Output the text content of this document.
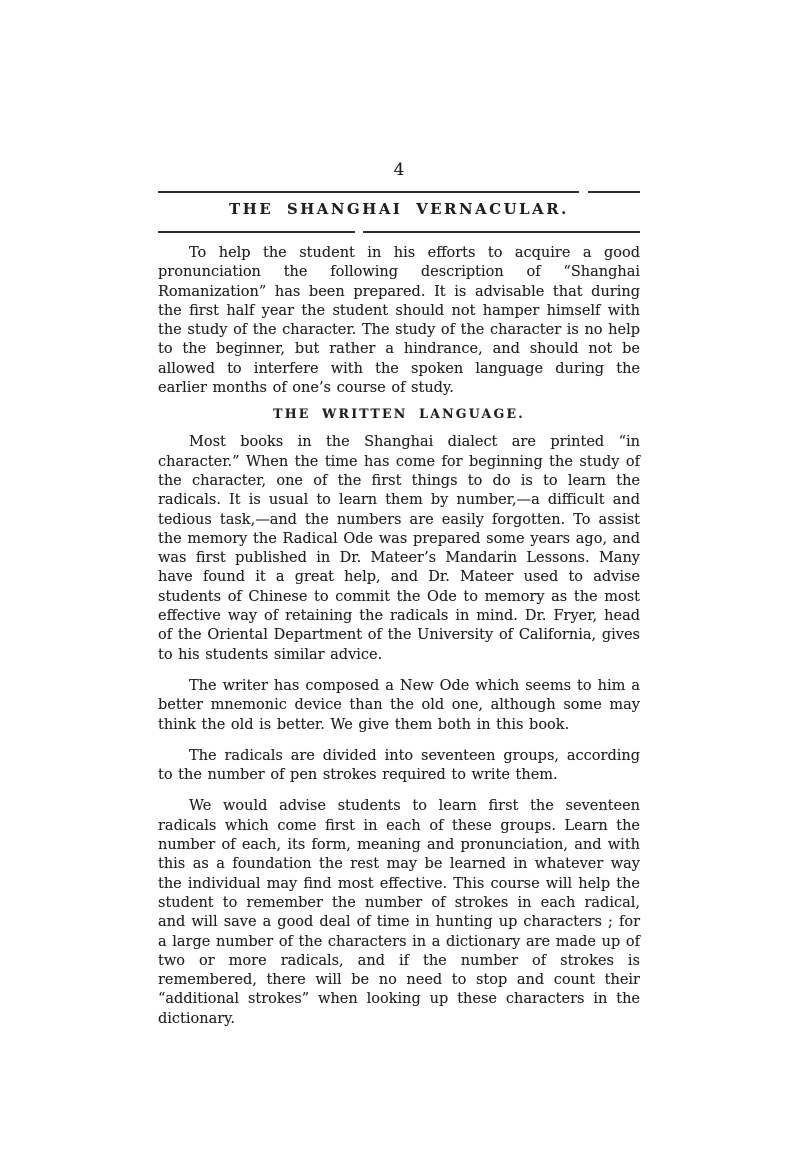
4
THE SHANGHAI VERNACULAR.

To help the student in his efforts to acquire a good pronunciation the following description of “Shanghai Romanization” has been prepared. It is advisable that during the first half year the student should not hamper himself with the study of the character. The study of the character is no help to the beginner, but rather a hindrance, and should not be allowed to interfere with the spoken language during the earlier months of one’s course of study.

THE WRITTEN LANGUAGE.

Most books in the Shanghai dialect are printed “in character.” When the time has come for beginning the study of the character, one of the first things to do is to learn the radicals. It is usual to learn them by number,—a difficult and tedious task,—and the numbers are easily forgotten. To assist the memory the Radical Ode was prepared some years ago, and was first published in Dr. Mateer’s Mandarin Lessons. Many have found it a great help, and Dr. Mateer used to advise students of Chinese to commit the Ode to memory as the most effective way of retaining the radicals in mind. Dr. Fryer, head of the Oriental Department of the University of California, gives to his students similar advice.

The writer has composed a New Ode which seems to him a better mnemonic device than the old one, although some may think the old is better. We give them both in this book.

The radicals are divided into seventeen groups, according to the number of pen strokes required to write them.

We would advise students to learn first the seventeen radicals which come first in each of these groups. Learn the number of each, its form, meaning and pronunciation, and with this as a foundation the rest may be learned in whatever way the individual may find most effective. This course will help the student to remember the number of strokes in each radical, and will save a good deal of time in hunting up characters ; for a large number of the characters in a dictionary are made up of two or more radicals, and if the number of strokes is remembered, there will be no need to stop and count their “additional strokes” when looking up these characters in the dictionary.
